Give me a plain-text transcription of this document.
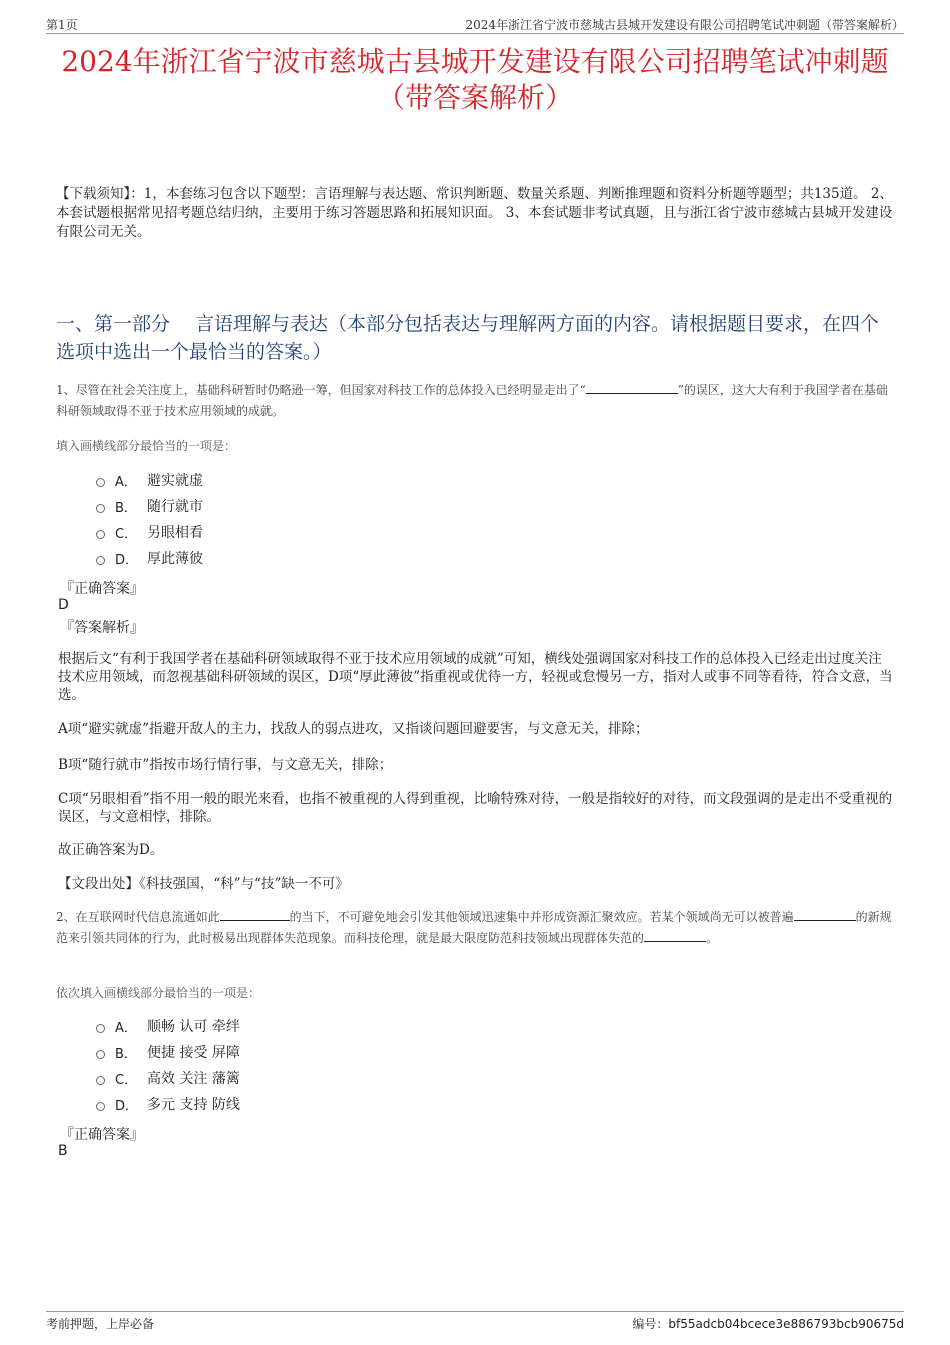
第1页	2024年浙江省宁波市慈城古县城开发建设有限公司招聘笔试冲刺题（带答案解析）
2024年浙江省宁波市慈城古县城开发建设有限公司招聘笔试冲刺题（带答案解析）
【下载须知】：1，本套练习包含以下题型：言语理解与表达题、常识判断题、数量关系题、判断推理题和资料分析题等题型；共135道。 2、本套试题根据常见招考题总结归纳，主要用于练习答题思路和拓展知识面。 3、本套试题非考试真题，且与浙江省宁波市慈城古县城开发建设有限公司无关。
一、第一部分　 言语理解与表达（本部分包括表达与理解两方面的内容。请根据题目要求，在四个选项中选出一个最恰当的答案。）
1、尽管在社会关注度上，基础科研暂时仍略逊一筹，但国家对科技工作的总体投入已经明显走出了“	”的误区，这大大有利于我国学者在基础科研领域取得不亚于技术应用领域的成就。
填入画横线部分最恰当的一项是：
A． 避实就虚
B． 随行就市
C． 另眼相看
D． 厚此薄彼
『正确答案』
D
『答案解析』
根据后文“有利于我国学者在基础科研领域取得不亚于技术应用领域的成就”可知，横线处强调国家对科技工作的总体投入已经走出过度关注技术应用领域，而忽视基础科研领域的误区，D项“厚此薄彼”指重视或优待一方，轻视或怠慢另一方，指对人或事不同等看待，符合文意，当选。
A项“避实就虚”指避开敌人的主力，找敌人的弱点进攻，又指谈问题回避要害，与文意无关，排除；
B项“随行就市”指按市场行情行事，与文意无关，排除；
C项“另眼相看”指不用一般的眼光来看，也指不被重视的人得到重视，比喻特殊对待，一般是指较好的对待，而文段强调的是走出不受重视的误区，与文意相悖，排除。
故正确答案为D。
【文段出处】《科技强国，“科”与“技”缺一不可》
2、在互联网时代信息流通如此	的当下，不可避免地会引发其他领域迅速集中并形成资源汇聚效应。若某个领域尚无可以被普遍	的新规范来引领共同体的行为，此时极易出现群体失范现象。而科技伦理，就是最大限度防范科技领域出现群体失范的	。
依次填入画横线部分最恰当的一项是：
A． 顺畅 认可 牵绊
B． 便捷 接受 屏障
C． 高效 关注 藩篱
D． 多元 支持 防线
『正确答案』
B
考前押题，上岸必备	编号：bf55adcb04bcece3e886793bcb90675d
